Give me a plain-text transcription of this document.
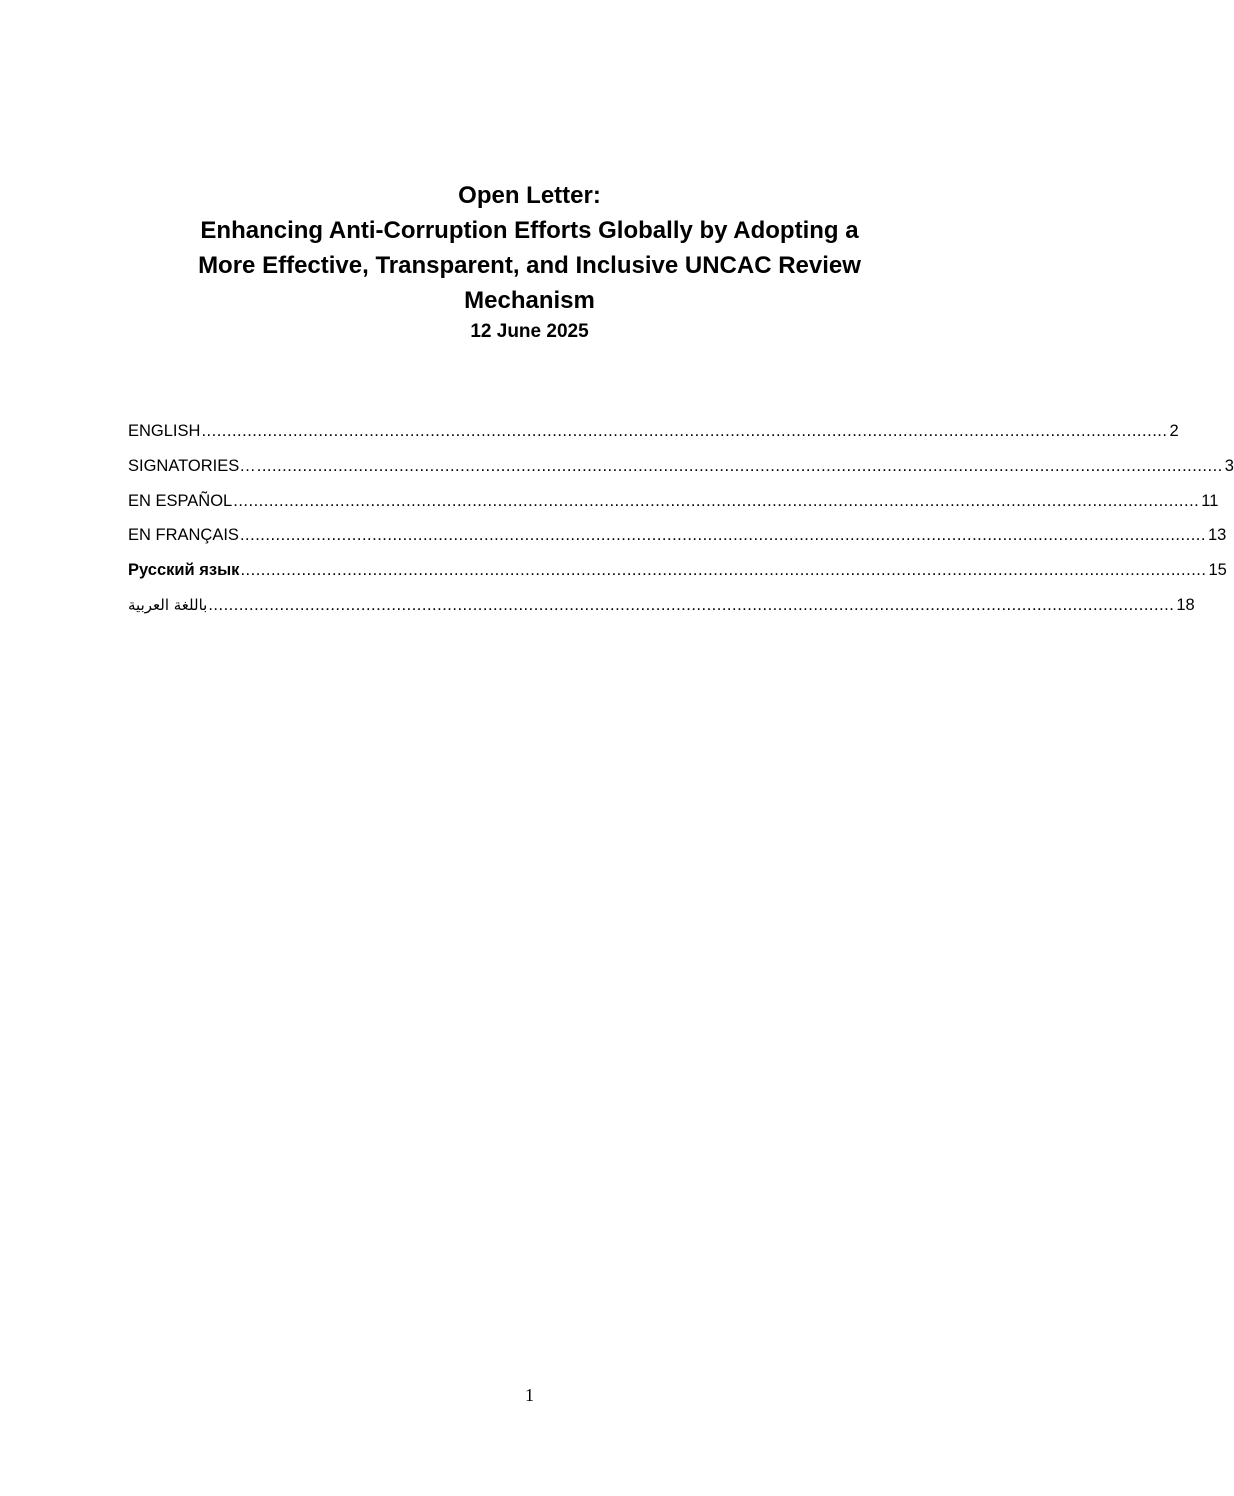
Open Letter:

Enhancing Anti-Corruption Efforts Globally by Adopting a

More Effective, Transparent, and Inclusive UNCAC Review

Mechanism

12 June 2025

ENGLISH .............................................................................................................................................................................................. 2
SIGNATORIES… .............................................................................................................................................................................................. 3
EN ESPAÑOL .............................................................................................................................................................................................. 11
EN FRANÇAIS .............................................................................................................................................................................................. 13
Русский язык .............................................................................................................................................................................................. 15
باللغة العربية .............................................................................................................................................................................................. 18
1
